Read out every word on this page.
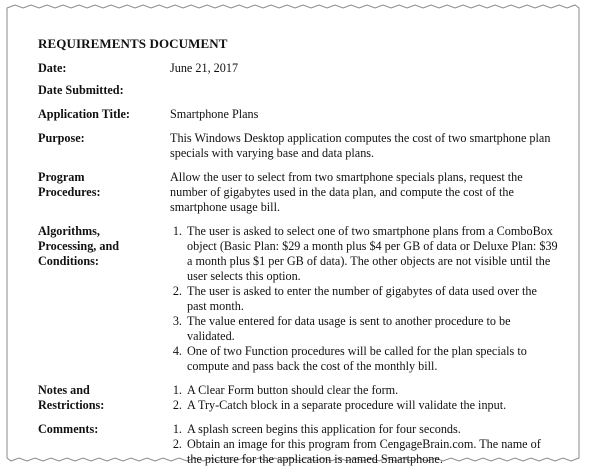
REQUIREMENTS DOCUMENT
Date:	June 21, 2017
Date Submitted:
Application Title:	Smartphone Plans
Purpose:	This Windows Desktop application computes the cost of two smartphone plan specials with varying base and data plans.

Program
Procedures:

Allow the user to select from two smartphone specials plans, request the number of gigabytes used in the data plan, and compute the cost of the smartphone usage bill.

Algorithms,
Processing, and
Conditions:
1. The user is asked to select one of two smartphone plans from a ComboBox object (Basic Plan: $29 a month plus $4 per GB of data or Deluxe Plan: $39 a month plus $1 per GB of data). The other objects are not visible until the user selects this option.
2. The user is asked to enter the number of gigabytes of data used over the past month.
3. The value entered for data usage is sent to another procedure to be validated.
4. One of two Function procedures will be called for the plan specials to compute and pass back the cost of the monthly bill.
Notes and
Restrictions:
1. A Clear Form button should clear the form.
2. A Try-Catch block in a separate procedure will validate the input.
Comments:
1.	A splash screen begins this application for four seconds.
2. Obtain an image for this program from CengageBrain.com. The name of the picture for the application is named Smartphone.
